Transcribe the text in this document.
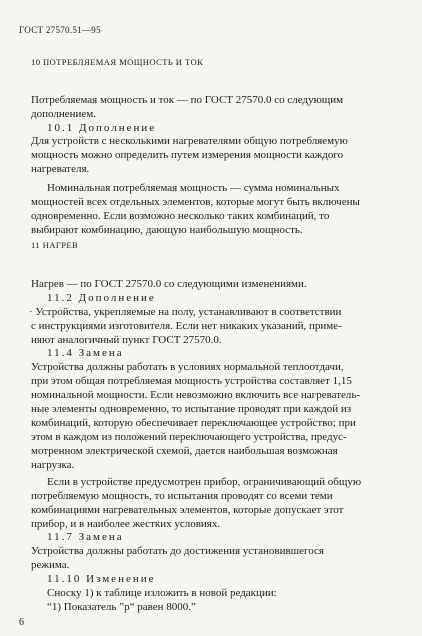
ГОСТ 27570.51—95
10 ПОТРЕБЛЯЕМАЯ МОЩНОСТЬ И ТОК
Потребляемая мощность и ток — по ГОСТ 27570.0 со следующим
дополнением.
10.1 Дополнение
Для устройств с несколькими нагревателями общую потребляемую
мощность можно определить путем измерения мощности каждого
нагревателя.
Номинальная потребляемая мощность — сумма номинальных
мощностей всех отдельных элементов, которые могут быть включены
одновременно. Если возможно несколько таких комбинаций, то
выбирают комбинацию, дающую наибольшую мощность.
11 НАГРЕВ
Нагрев — по ГОСТ 27570.0 со следующими изменениями.
11.2 Дополнение
· Устройства, укрепляемые на полу, устанавливают в соответствии
с инструкциями изготовителя. Если нет никаких указаний, приме-
няют аналогичный пункт ГОСТ 27570.0.
11.4 Замена
Устройства должны работать в условиях нормальной теплоотдачи,
при этом общая потребляемая мощность устройства составляет 1,15
номинальной мощности. Если невозможно включить все нагреватель-
ные элементы одновременно, то испытание проводят при каждой из
комбинаций, которую обеспечивает переключающее устройство; при
этом в каждом из положений переключающего устройства, предус-
мотренном электрической схемой, дается наибольшая возможная
нагрузка.
Если в устройстве предусмотрен прибор, ограничивающий общую
потребляемую мощность, то испытания проводят со всеми теми
комбинациями нагревательных элементов, которые допускает этот
прибор, и в наиболее жестких условиях.
11.7 Замена
Устройства должны работать до достижения установившегося
режима.
11.10 Изменение
Сноску 1) к таблице изложить в новой редакции:
“1) Показатель ”р“ равен 8000.”
6
